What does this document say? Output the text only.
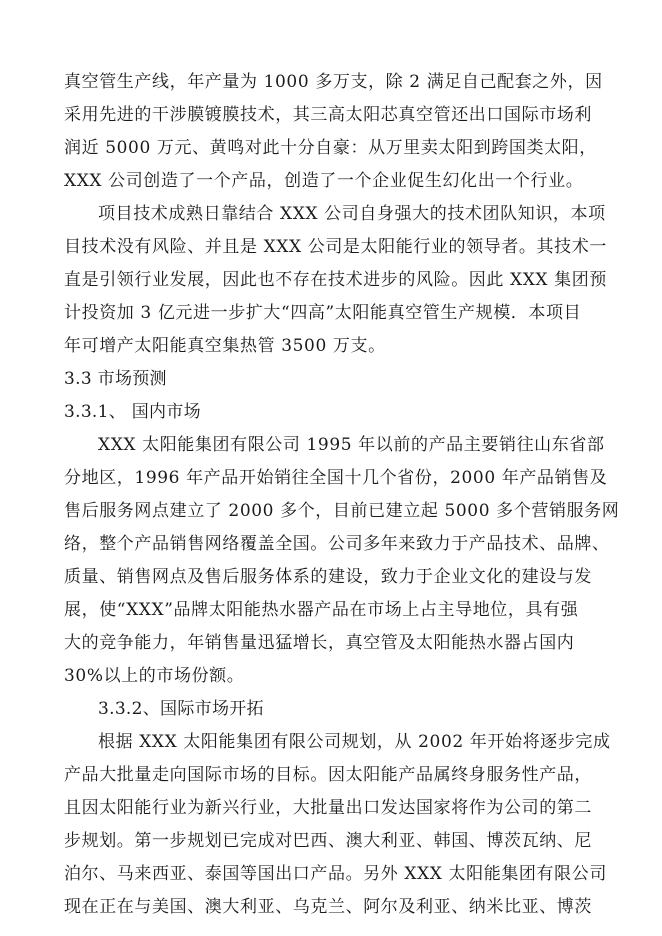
真空管生产线，年产量为 1000 多万支，除 2 满足自己配套之外，因
采用先进的干涉膜镀膜技术，其三高太阳芯真空管还出口国际市场利
润近 5000 万元、黄鸣对此十分自豪：从万里卖太阳到跨国类太阳，
XXX 公司创造了一个产品，创造了一个企业促生幻化出一个行业。
项目技术成熟日靠结合 XXX 公司自身强大的技术团队知识，本项
目技术没有风险、并且是 XXX 公司是太阳能行业的领导者。其技术一
直是引领行业发展，因此也不存在技术进步的风险。因此 XXX 集团预
计投资加 3 亿元进一步扩大“四高”太阳能真空管生产规模．本项目
年可增产太阳能真空集热管 3500 万支。
3.3 市场预测
3.3.1、 国内市场
XXX 太阳能集团有限公司 1995 年以前的产品主要销往山东省部
分地区，1996 年产品开始销往全国十几个省份，2000 年产品销售及
售后服务网点建立了 2000 多个，目前已建立起 5000 多个营销服务网
络，整个产品销售网络覆盖全国。公司多年来致力于产品技术、品牌、
质量、销售网点及售后服务体系的建设，致力于企业文化的建设与发
展，使“XXX”品牌太阳能热水器产品在市场上占主导地位，具有强
大的竞争能力，年销售量迅猛增长，真空管及太阳能热水器占国内
30%以上的市场份额。
3.3.2、国际市场开拓
根据 XXX 太阳能集团有限公司规划，从 2002 年开始将逐步完成
产品大批量走向国际市场的目标。因太阳能产品属终身服务性产品，
且因太阳能行业为新兴行业，大批量出口发达国家将作为公司的第二
步规划。第一步规划已完成对巴西、澳大利亚、韩国、博茨瓦纳、尼
泊尔、马来西亚、泰国等国出口产品。另外 XXX 太阳能集团有限公司
现在正在与美国、澳大利亚、乌克兰、阿尔及利亚、纳米比亚、博茨
